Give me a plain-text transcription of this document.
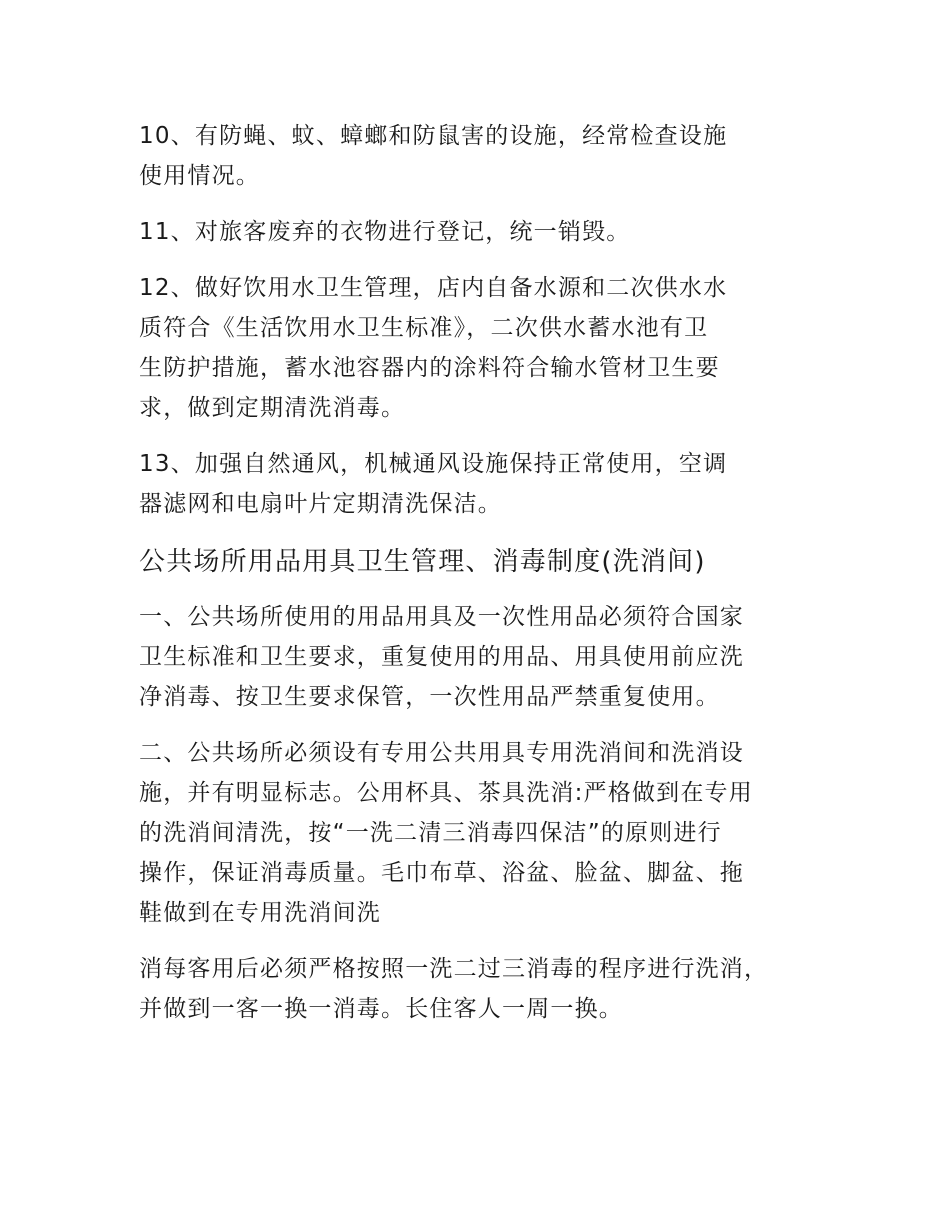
10、有防蝇、蚊、蟑螂和防鼠害的设施，经常检查设施
使用情况。

11、对旅客废弃的衣物进行登记，统一销毁。

12、做好饮用水卫生管理，店内自备水源和二次供水水
质符合《生活饮用水卫生标准》，二次供水蓄水池有卫
生防护措施，蓄水池容器内的涂料符合输水管材卫生要
求，做到定期清洗消毒。

13、加强自然通风，机械通风设施保持正常使用，空调
器滤网和电扇叶片定期清洗保洁。

公共场所用品用具卫生管理、消毒制度(洗消间)

一、公共场所使用的用品用具及一次性用品必须符合国家
卫生标准和卫生要求，重复使用的用品、用具使用前应洗
净消毒、按卫生要求保管，一次性用品严禁重复使用。

二、公共场所必须设有专用公共用具专用洗消间和洗消设
施，并有明显标志。公用杯具、茶具洗消:严格做到在专用
的洗消间清洗，按“一洗二清三消毒四保洁”的原则进行
操作，保证消毒质量。毛巾布草、浴盆、脸盆、脚盆、拖
鞋做到在专用洗消间洗

消每客用后必须严格按照一洗二过三消毒的程序进行洗消，
并做到一客一换一消毒。长住客人一周一换。
